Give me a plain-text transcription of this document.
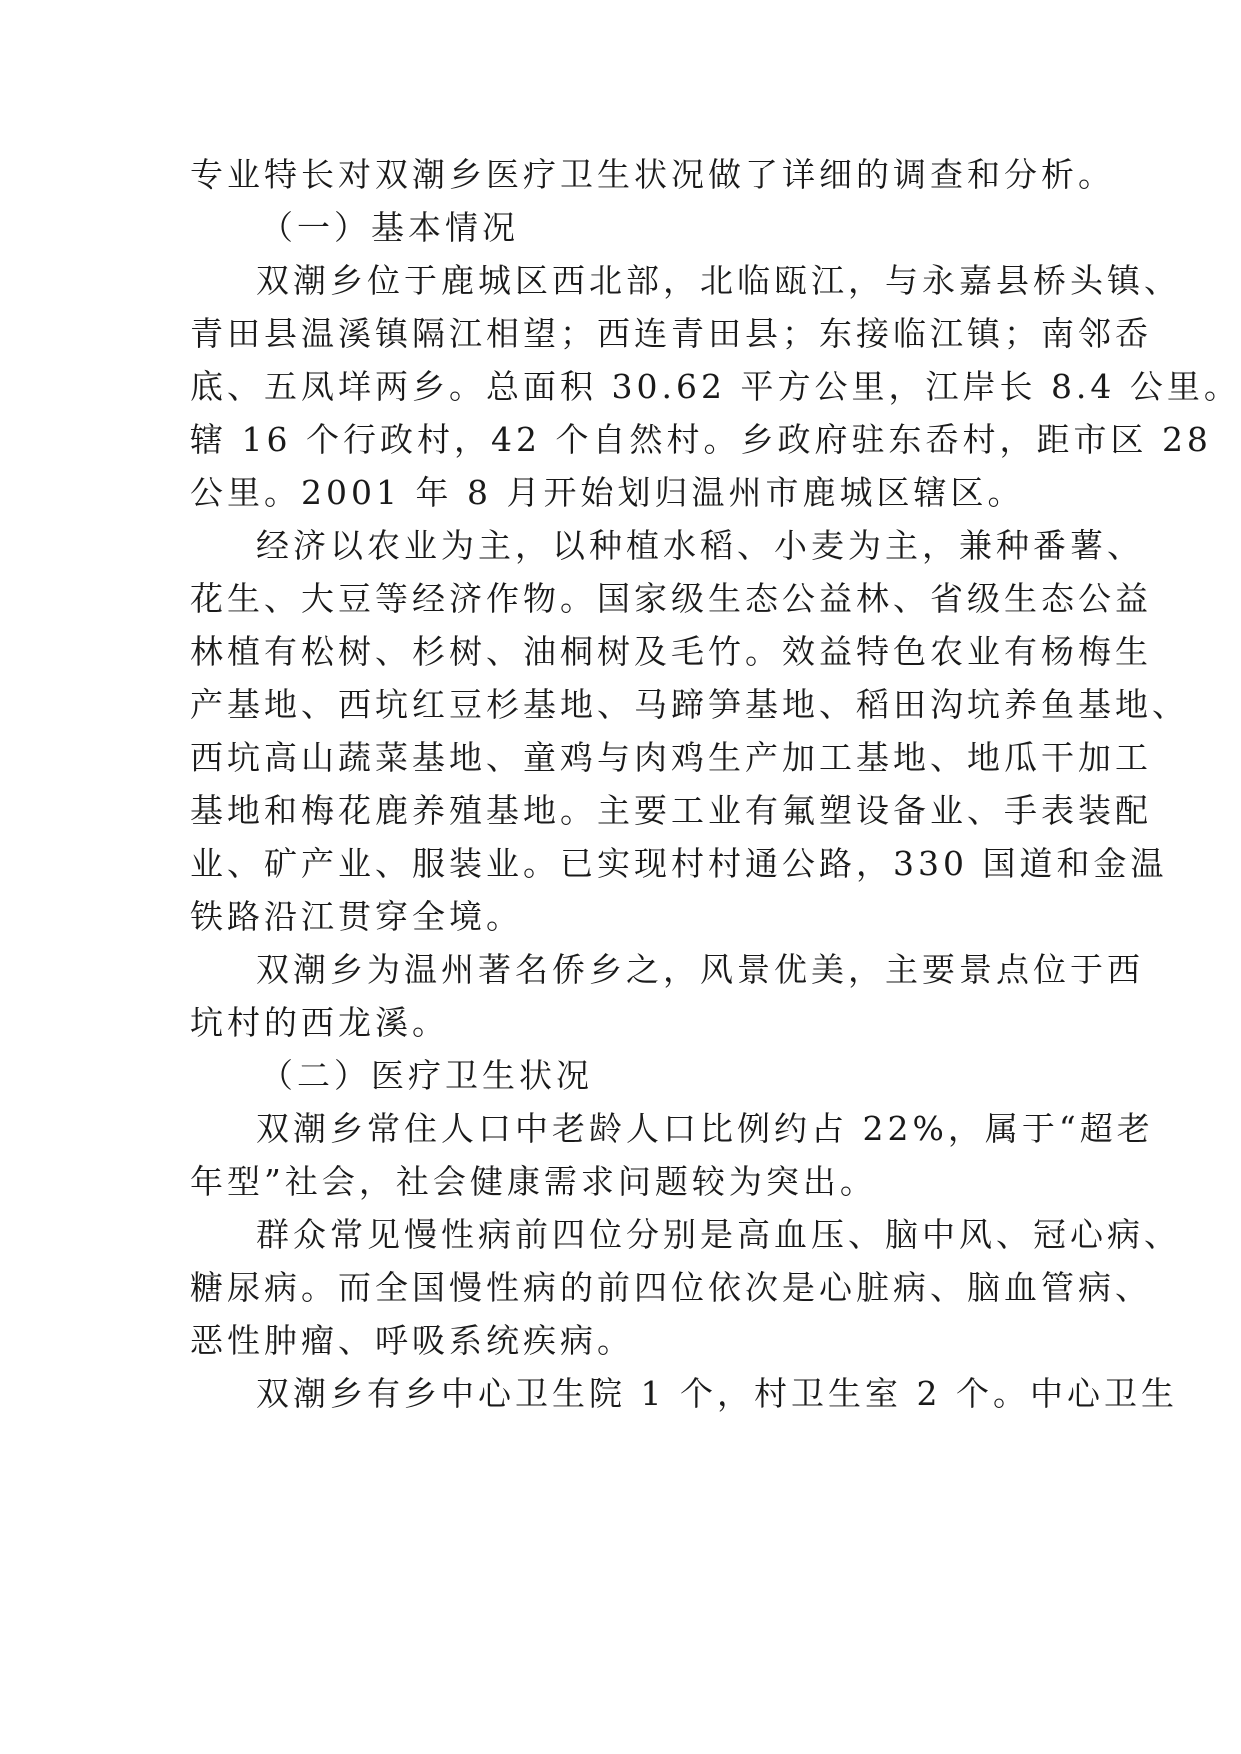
专业特长对双潮乡医疗卫生状况做了详细的调查和分析。
（一）基本情况
双潮乡位于鹿城区西北部，北临瓯江，与永嘉县桥头镇、
青田县温溪镇隔江相望；西连青田县；东接临江镇；南邻岙
底、五凤垟两乡。总面积 30.62 平方公里，江岸长 8.4 公里。
辖 16 个行政村，42 个自然村。乡政府驻东岙村，距市区 28
公里。2001 年 8 月开始划归温州市鹿城区辖区。
经济以农业为主，以种植水稻、小麦为主，兼种番薯、
花生、大豆等经济作物。国家级生态公益林、省级生态公益
林植有松树、杉树、油桐树及毛竹。效益特色农业有杨梅生
产基地、西坑红豆杉基地、马蹄笋基地、稻田沟坑养鱼基地、
西坑高山蔬菜基地、童鸡与肉鸡生产加工基地、地瓜干加工
基地和梅花鹿养殖基地。主要工业有氟塑设备业、手表装配
业、矿产业、服装业。已实现村村通公路，330 国道和金温
铁路沿江贯穿全境。
双潮乡为温州著名侨乡之，风景优美，主要景点位于西
坑村的西龙溪。
（二）医疗卫生状况
双潮乡常住人口中老龄人口比例约占 22%，属于“超老
年型”社会，社会健康需求问题较为突出。
群众常见慢性病前四位分别是高血压、脑中风、冠心病、
糖尿病。而全国慢性病的前四位依次是心脏病、脑血管病、
恶性肿瘤、呼吸系统疾病。
双潮乡有乡中心卫生院 1 个，村卫生室 2 个。中心卫生
